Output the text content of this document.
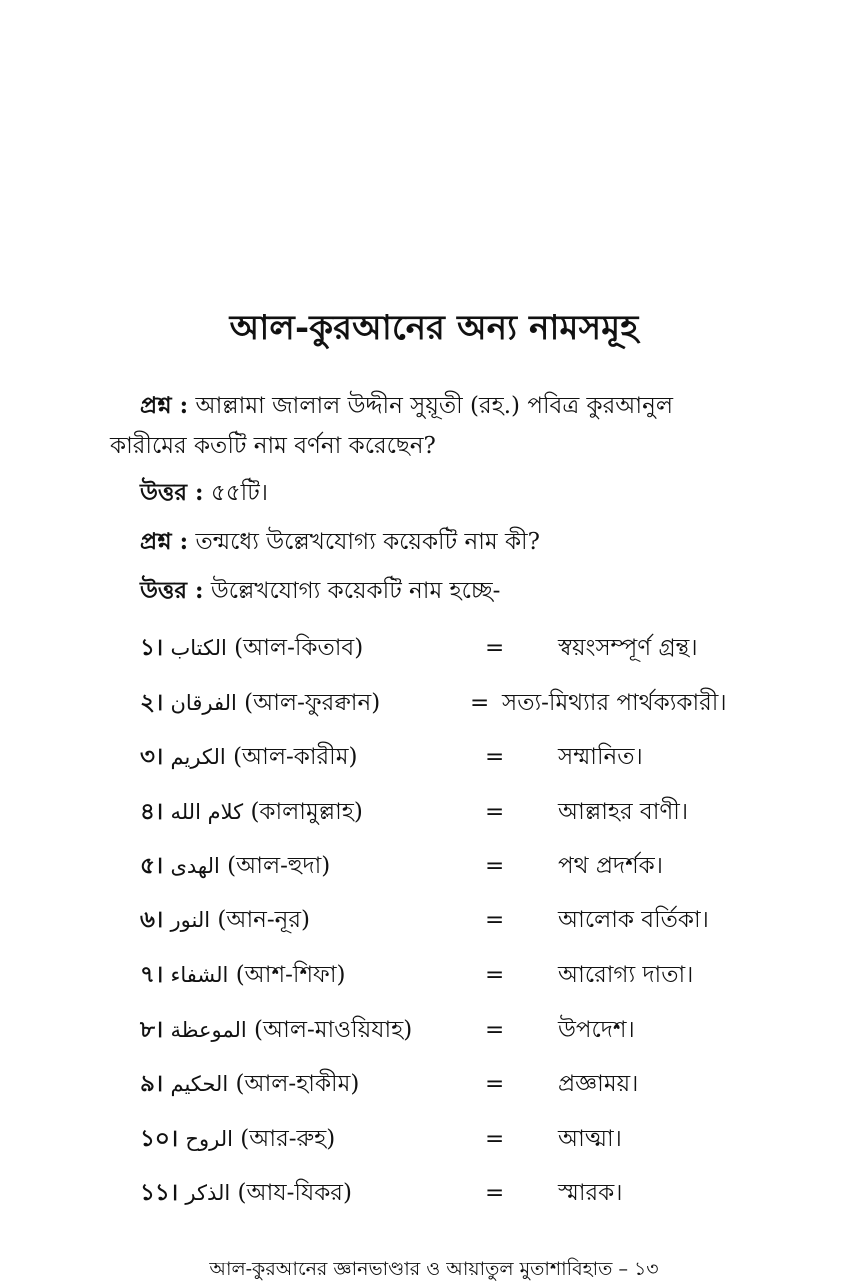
আল-কুরআনের অন্য নামসমূহ
প্রশ্ন : আল্লামা জালাল উদ্দীন সুয়ূতী (রহ.) পবিত্র কুরআনুল কারীমের কতটি নাম বর্ণনা করেছেন?
উত্তর : ৫৫টি।
প্রশ্ন : তন্মধ্যে উল্লেখযোগ্য কয়েকটি নাম কী?
উত্তর : উল্লেখযোগ্য কয়েকটি নাম হচ্ছে-
১। الكتاب (আল-কিতাব)	= স্বয়ংসম্পূর্ণ গ্রন্থ।
২। الفرقان (আল-ফুরক্বান)	= সত্য-মিথ্যার পার্থক্যকারী।
৩। الكريم (আল-কারীম)	= সম্মানিত।
৪। كلام الله (কালামুল্লাহ)	= আল্লাহর বাণী।
৫। الهدى (আল-হুদা)	= পথ প্রদর্শক।
৬। النور (আন-নূর)	= আলোক বর্তিকা।
৭। الشفاء (আশ-শিফা)	= আরোগ্য দাতা।
৮। الموعظة (আল-মাওয়িযাহ)	= উপদেশ।
৯। الحكيم (আল-হাকীম)	= প্রজ্ঞাময়।
১০। الروح (আর-রুহ)	= আত্মা।
১১। الذكر (আয-যিকর)	= স্মারক।
আল-কুরআনের জ্ঞানভাণ্ডার ও আয়াতুল মুতাশাবিহাত – ১৩
